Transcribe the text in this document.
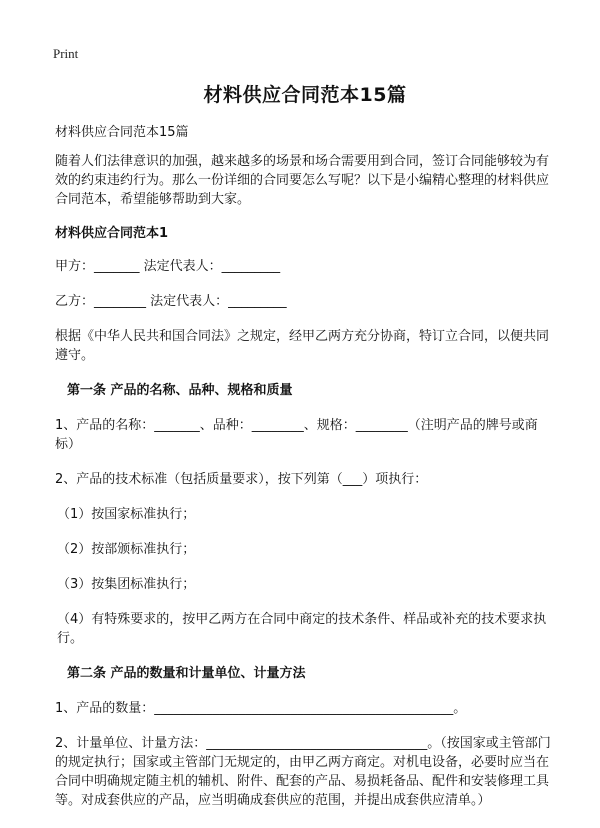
Print
材料供应合同范本15篇

材料供应合同范本15篇

随着人们法律意识的加强，越来越多的场景和场合需要用到合同，签订合同能够较为有效的约束违约行为。那么一份详细的合同要怎么写呢？以下是小编精心整理的材料供应合同范本，希望能够帮助到大家。

材料供应合同范本1

甲方：_______ 法定代表人：_________

乙方：________ 法定代表人：_________

根据《中华人民共和国合同法》之规定，经甲乙两方充分协商，特订立合同，以便共同遵守。

第一条 产品的名称、品种、规格和质量

1、产品的名称：_______、品种：________、规格：________（注明产品的牌号或商标）

2、产品的技术标准（包括质量要求），按下列第（___）项执行：

（1）按国家标准执行；

（2）按部颁标准执行；

（3）按集团标准执行；

（4）有特殊要求的，按甲乙两方在合同中商定的技术条件、样品或补充的技术要求执行。

第二条 产品的数量和计量单位、计量方法

1、产品的数量：______________________________________________。

2、计量单位、计量方法：__________________________________。（按国家或主管部门的规定执行；国家或主管部门无规定的，由甲乙两方商定。对机电设备，必要时应当在合同中明确规定随主机的辅机、附件、配套的产品、易损耗备品、配件和安装修理工具等。对成套供应的产品，应当明确成套供应的范围，并提出成套供应清单。）
